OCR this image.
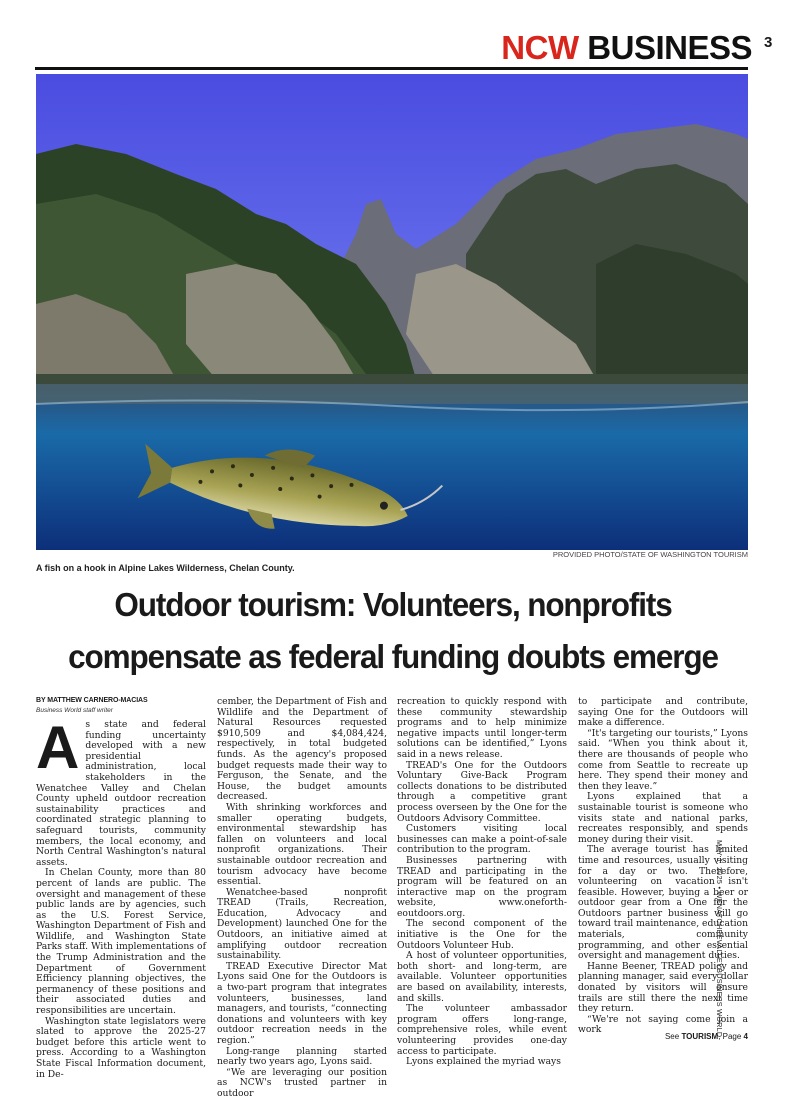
NCW BUSINESS 3
PROVIDED PHOTO/STATE OF WASHINGTON TOURISM
A fish on a hook in Alpine Lakes Wilderness, Chelan County.
Outdoor tourism: Volunteers, nonprofits
compensate as federal funding doubts emerge
BY MATTHEW CARNERO-MACIAS
Business World staff writer
A s state and federal funding uncertainty developed with a new presidential administration, local stakeholders in the Wenatchee Valley and Chelan County upheld outdoor recreation sustainability practices and coordinated strategic planning to safeguard tourists, community members, the local economy, and North Central Washington's natural assets.

In Chelan County, more than 80 percent of lands are public. The oversight and management of these public lands are by agencies, such as the U.S. Forest Service, Washington Department of Fish and Wildlife, and Washington State Parks staff. With implementations of the Trump Administration and the Department of Government Efficiency planning objectives, the permanency of these positions and their associated duties and responsibilities are uncertain.

Washington state legislators were slated to approve the 2025-27 budget before this article went to press. According to a Washington State Fiscal Information document, in De-

cember, the Department of Fish and Wildlife and the Department of Natural Resources requested $910,509 and $4,084,424, respectively, in total budgeted funds. As the agency's proposed budget requests made their way to Ferguson, the Senate, and the House, the budget amounts decreased.

With shrinking workforces and smaller operating budgets, environmental stewardship has fallen on volunteers and local nonprofit organizations. Their sustainable outdoor recreation and tourism advocacy have become essential.

Wenatchee-based nonprofit TREAD (Trails, Recreation, Education, Advocacy and Development) launched One for the Outdoors, an initiative aimed at amplifying outdoor recreation sustainability.

TREAD Executive Director Mat Lyons said One for the Outdoors is a two-part program that integrates volunteers, businesses, land managers, and tourists, “connecting donations and volunteers with key outdoor recreation needs in the region.”

Long-range planning started nearly two years ago, Lyons said.

“We are leveraging our position as NCW's trusted partner in outdoor

recreation to quickly respond with these community stewardship programs and to help minimize negative impacts until longer-term solutions can be identified,” Lyons said in a news release.

TREAD's One for the Outdoors Voluntary Give-Back Program collects donations to be distributed through a competitive grant process overseen by the One for the Outdoors Advisory Committee.

Customers visiting local businesses can make a point-of-sale contribution to the program.

Businesses partnering with TREAD and participating in the program will be featured on an interactive map on the program website, www.oneforth-eoutdoors.org.

The second component of the initiative is the One for the Outdoors Volunteer Hub.

A host of volunteer opportunities, both short- and long-term, are available. Volunteer opportunities are based on availability, interests, and skills.

The volunteer ambassador program offers long-range, comprehensive roles, while event volunteering provides one-day access to participate.

Lyons explained the myriad ways

to participate and contribute, saying One for the Outdoors will make a difference.

“It's targeting our tourists,” Lyons said. “When you think about it, there are thousands of people who come from Seattle to recreate up here. They spend their money and then they leave.”

Lyons explained that a sustainable tourist is someone who visits state and national parks, recreates responsibly, and spends money during their visit.

The average tourist has limited time and resources, usually visiting for a day or two. Therefore, volunteering on vacation isn't feasible. However, buying a beer or outdoor gear from a One for the Outdoors partner business will go toward trail maintenance, education materials, community programming, and other essential oversight and management duties.

Hanne Beener, TREAD policy and planning manager, said every dollar donated by visitors will ensure trails are still there the next time they return.

“We're not saying come join a work

See TOURISM, Page 4
MAY 1, 2025 • WENATCHEEVALLEYBUSINESS WORLD
